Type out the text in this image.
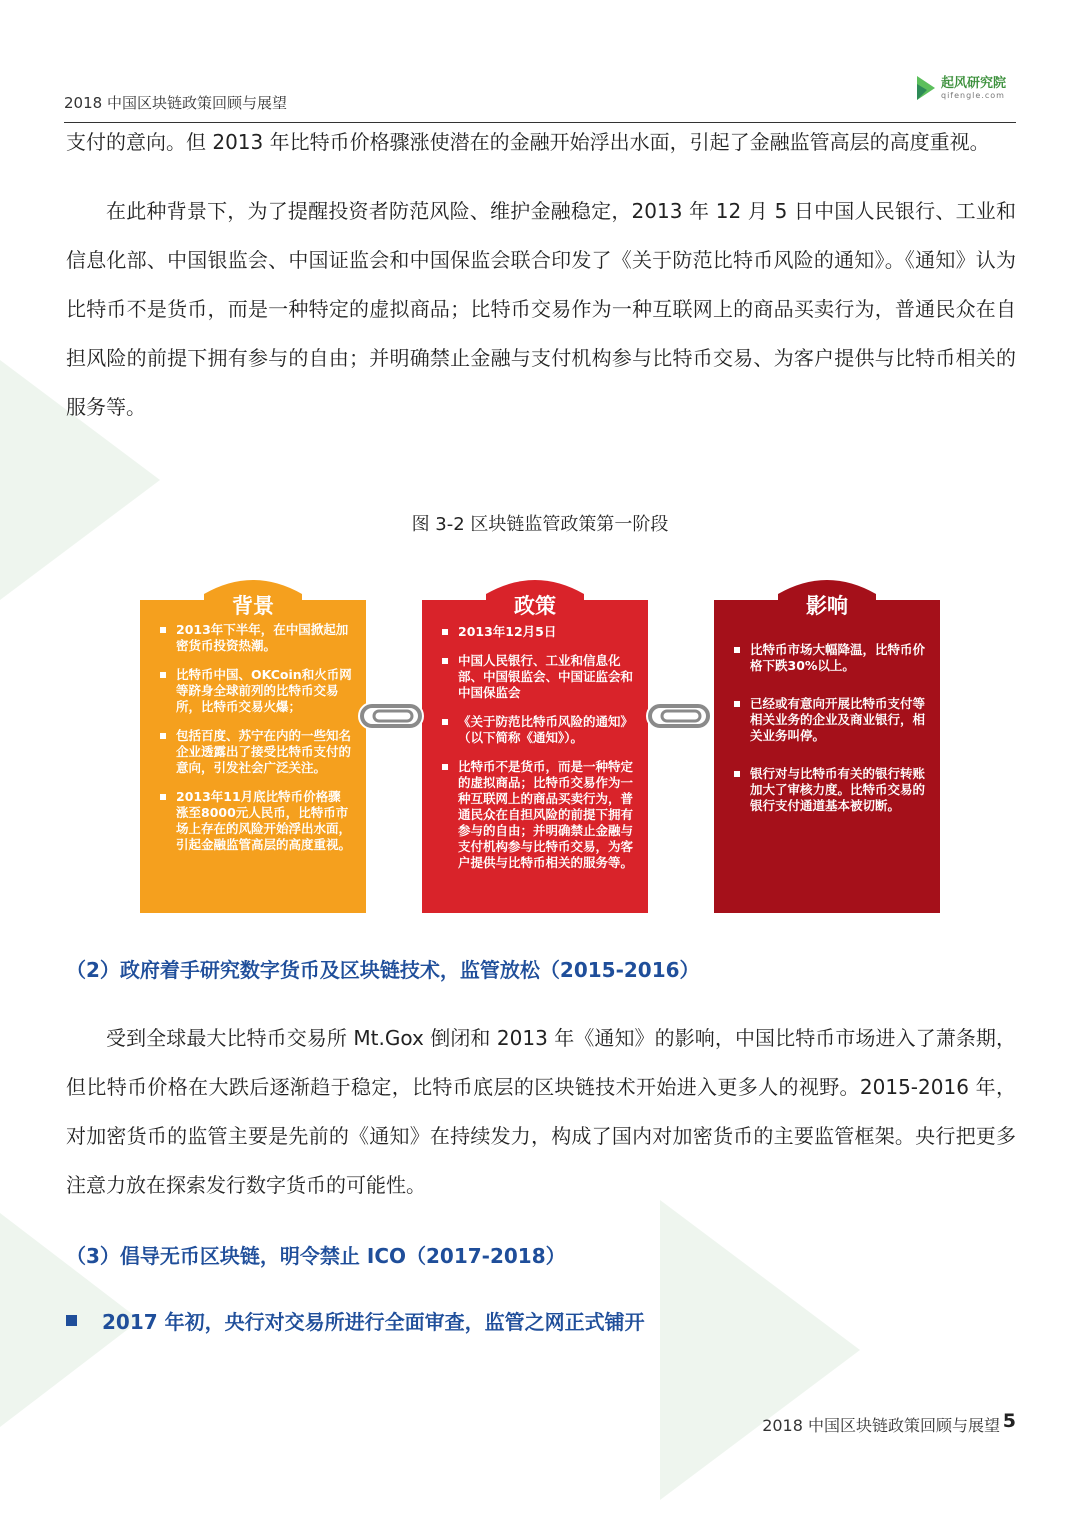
2018 中国区块链政策回顾与展望
起风研究院
qifengle.com

支付的意向。但 2013 年比特币价格骤涨使潜在的金融开始浮出水面，引起了金融监管高层的高度重视。

在此种背景下，为了提醒投资者防范风险、维护金融稳定，2013 年 12 月 5 日中国人民银行、工业和信息化部、中国银监会、中国证监会和中国保监会联合印发了《关于防范比特币风险的通知》。《通知》认为比特币不是货币，而是一种特定的虚拟商品；比特币交易作为一种互联网上的商品买卖行为，普通民众在自担风险的前提下拥有参与的自由；并明确禁止金融与支付机构参与比特币交易、为客户提供与比特币相关的服务等。

图 3-2 区块链监管政策第一阶段
背景
2013年下半年，在中国掀起加密货币投资热潮。
比特币中国、OKCoin和火币网等跻身全球前列的比特币交易所，比特币交易火爆；
包括百度、苏宁在内的一些知名企业透露出了接受比特币支付的意向，引发社会广泛关注。
2013年11月底比特币价格骤涨至8000元人民币，比特币市场上存在的风险开始浮出水面，引起金融监管高层的高度重视。
政策
2013年12月5日
中国人民银行、工业和信息化部、中国银监会、中国证监会和中国保监会
《关于防范比特币风险的通知》（以下简称《通知》）。
比特币不是货币，而是一种特定的虚拟商品；比特币交易作为一种互联网上的商品买卖行为，普通民众在自担风险的前提下拥有参与的自由；并明确禁止金融与支付机构参与比特币交易，为客户提供与比特币相关的服务等。
影响
比特币市场大幅降温，比特币价格下跌30%以上。
已经或有意向开展比特币支付等相关业务的企业及商业银行，相关业务叫停。
银行对与比特币有关的银行转账加大了审核力度。比特币交易的银行支付通道基本被切断。
（2）政府着手研究数字货币及区块链技术，监管放松（2015-2016）

受到全球最大比特币交易所 Mt.Gox 倒闭和 2013 年《通知》的影响，中国比特币市场进入了萧条期，但比特币价格在大跌后逐渐趋于稳定，比特币底层的区块链技术开始进入更多人的视野。2015-2016 年，对加密货币的监管主要是先前的《通知》在持续发力，构成了国内对加密货币的主要监管框架。央行把更多注意力放在探索发行数字货币的可能性。

（3）倡导无币区块链，明令禁止 ICO（2017-2018）
2017 年初，央行对交易所进行全面审查，监管之网正式铺开
2018 中国区块链政策回顾与展望 5
